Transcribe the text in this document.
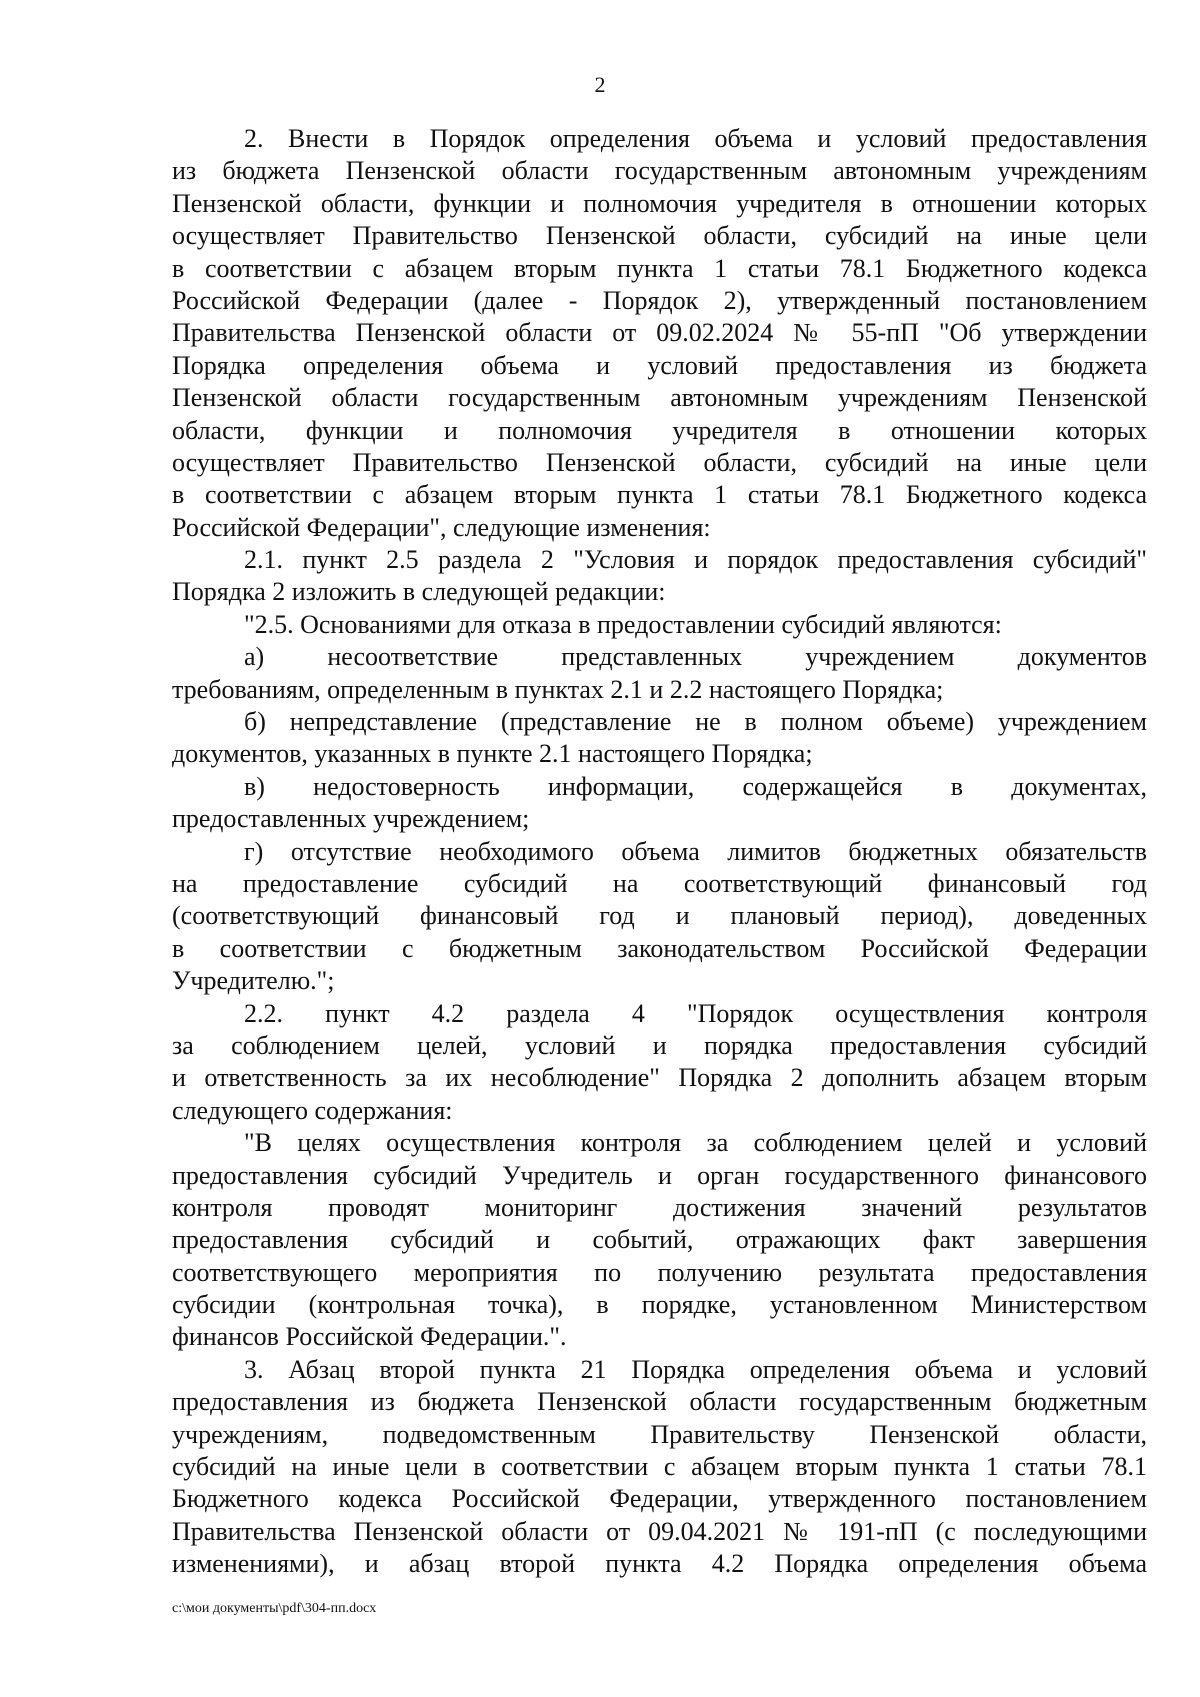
2
2. Внести в Порядок определения объема и условий предоставления
из бюджета Пензенской области государственным автономным учреждениям
Пензенской области, функции и полномочия учредителя в отношении которых
осуществляет Правительство Пензенской области, субсидий на иные цели
в соответствии с абзацем вторым пункта 1 статьи 78.1 Бюджетного кодекса
Российской Федерации (далее - Порядок 2), утвержденный постановлением
Правительства Пензенской области от 09.02.2024 № 55-пП "Об утверждении
Порядка определения объема и условий предоставления из бюджета
Пензенской области государственным автономным учреждениям Пензенской
области, функции и полномочия учредителя в отношении которых
осуществляет Правительство Пензенской области, субсидий на иные цели
в соответствии с абзацем вторым пункта 1 статьи 78.1 Бюджетного кодекса
Российской Федерации", следующие изменения:
2.1. пункт 2.5 раздела 2 "Условия и порядок предоставления субсидий"
Порядка 2 изложить в следующей редакции:
"2.5. Основаниями для отказа в предоставлении субсидий являются:
а) несоответствие представленных учреждением документов
требованиям, определенным в пунктах 2.1 и 2.2 настоящего Порядка;
б) непредставление (представление не в полном объеме) учреждением
документов, указанных в пункте 2.1 настоящего Порядка;
в) недостоверность информации, содержащейся в документах,
предоставленных учреждением;
г) отсутствие необходимого объема лимитов бюджетных обязательств
на предоставление субсидий на соответствующий финансовый год
(соответствующий финансовый год и плановый период), доведенных
в соответствии с бюджетным законодательством Российской Федерации
Учредителю.";
2.2. пункт 4.2 раздела 4 "Порядок осуществления контроля
за соблюдением целей, условий и порядка предоставления субсидий
и ответственность за их несоблюдение" Порядка 2 дополнить абзацем вторым
следующего содержания:
"В целях осуществления контроля за соблюдением целей и условий
предоставления субсидий Учредитель и орган государственного финансового
контроля проводят мониторинг достижения значений результатов
предоставления субсидий и событий, отражающих факт завершения
соответствующего мероприятия по получению результата предоставления
субсидии (контрольная точка), в порядке, установленном Министерством
финансов Российской Федерации.".
3. Абзац второй пункта 21 Порядка определения объема и условий
предоставления из бюджета Пензенской области государственным бюджетным
учреждениям, подведомственным Правительству Пензенской области,
субсидий на иные цели в соответствии с абзацем вторым пункта 1 статьи 78.1
Бюджетного кодекса Российской Федерации, утвержденного постановлением
Правительства Пензенской области от 09.04.2021 № 191-пП (с последующими
изменениями), и абзац второй пункта 4.2 Порядка определения объема
c:\мои документы\pdf\304-пп.docx
